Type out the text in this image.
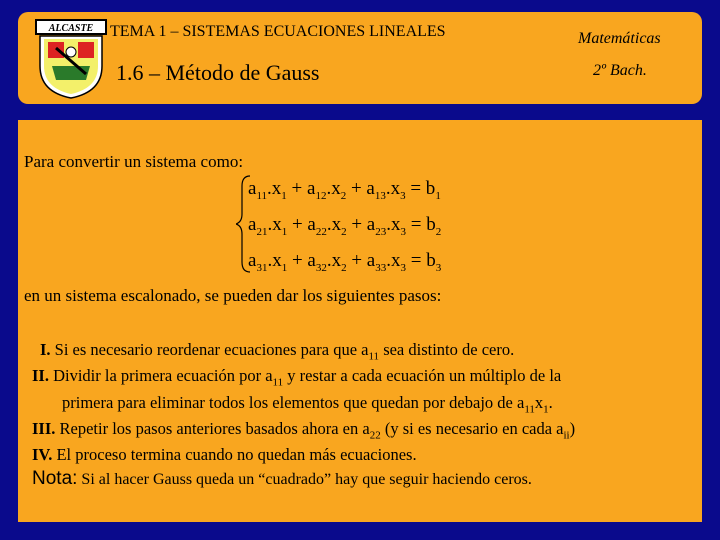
ALCASTE TEMA 1 – SISTEMAS ECUACIONES LINEALES
1.6 – Método de Gauss
Matemáticas
2º Bach.
Para convertir un sistema como:
$a_{11}.x_1 + a_{12}.x_2 + a_{13}.x_3 = b_1$
$a_{21}.x_1 + a_{22}.x_2 + a_{23}.x_3 = b_2$
$a_{31}.x_1 + a_{32}.x_2 + a_{33}.x_3 = b_3$
en un sistema escalonado, se pueden dar los siguientes pasos:
I. Si es necesario reordenar ecuaciones para que $a_{11}$ sea distinto de cero.
II. Dividir la primera ecuación por $a_{11}$ y restar a cada ecuación un múltiplo de la
primera para eliminar todos los elementos que quedan por debajo de $a_{11}x_1$.
III. Repetir los pasos anteriores basados ahora en $a_{22}$ (y si es necesario en cada $a_{ii}$)
IV. El proceso termina cuando no quedan más ecuaciones.
Nota: Si al hacer Gauss queda un “cuadrado” hay que seguir haciendo ceros.
